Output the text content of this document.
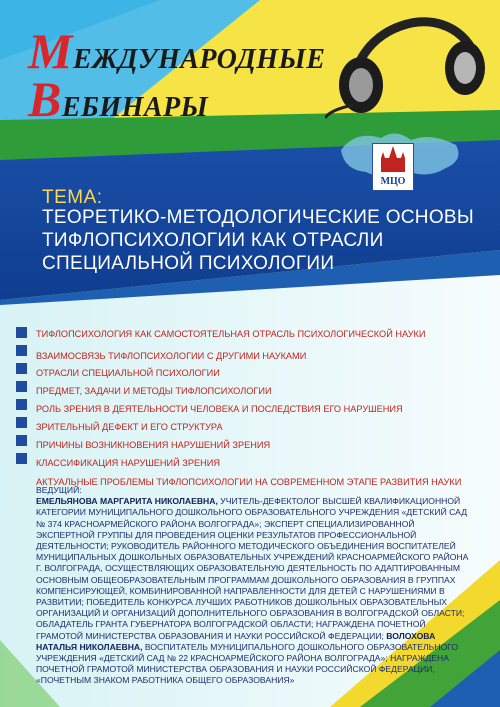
МЕЖДУНАРОДНЫЕ
ВЕБИНАРЫ
МЦО
ТЕМА:
ТЕОРЕТИКО-МЕТОДОЛОГИЧЕСКИЕ ОСНОВЫ ТИФЛОПСИХОЛОГИИ КАК ОТРАСЛИ СПЕЦИАЛЬНОЙ ПСИХОЛОГИИ
ТИФЛОПСИХОЛОГИЯ КАК САМОСТОЯТЕЛЬНАЯ ОТРАСЛЬ ПСИХОЛОГИЧЕСКОЙ НАУКИ
ВЗАИМОСВЯЗЬ ТИФЛОПСИХОЛОГИИ С ДРУГИМИ НАУКАМИ
ОТРАСЛИ СПЕЦИАЛЬНОЙ ПСИХОЛОГИИ
ПРЕДМЕТ, ЗАДАЧИ И МЕТОДЫ ТИФЛОПСИХОЛОГИИ
РОЛЬ ЗРЕНИЯ В ДЕЯТЕЛЬНОСТИ ЧЕЛОВЕКА И ПОСЛЕДСТВИЯ ЕГО НАРУШЕНИЯ
ЗРИТЕЛЬНЫЙ ДЕФЕКТ И ЕГО СТРУКТУРА
ПРИЧИНЫ ВОЗНИКНОВЕНИЯ НАРУШЕНИЙ ЗРЕНИЯ
КЛАССИФИКАЦИЯ НАРУШЕНИЙ ЗРЕНИЯ
АКТУАЛЬНЫЕ ПРОБЛЕМЫ ТИФЛОПСИХОЛОГИИ НА СОВРЕМЕННОМ ЭТАПЕ РАЗВИТИЯ НАУКИ
ВЕДУЩИЙ:
ЕМЕЛЬЯНОВА МАРГАРИТА НИКОЛАЕВНА, УЧИТЕЛЬ-ДЕФЕКТОЛОГ ВЫСШЕЙ КВАЛИФИКАЦИОННОЙ КАТЕГОРИИ МУНИЦИПАЛЬНОГО ДОШКОЛЬНОГО ОБРАЗОВАТЕЛЬНОГО УЧРЕЖДЕНИЯ «ДЕТСКИЙ САД № 374 КРАСНОАРМЕЙСКОГО РАЙОНА ВОЛГОГРАДА»; ЭКСПЕРТ СПЕЦИАЛИЗИРОВАННОЙ ЭКСПЕРТНОЙ ГРУППЫ ДЛЯ ПРОВЕДЕНИЯ ОЦЕНКИ РЕЗУЛЬТАТОВ ПРОФЕССИОНАЛЬНОЙ ДЕЯТЕЛЬНОСТИ; РУКОВОДИТЕЛЬ РАЙОННОГО МЕТОДИЧЕСКОГО ОБЪЕДИНЕНИЯ ВОСПИТАТЕЛЕЙ МУНИЦИПАЛЬНЫХ ДОШКОЛЬНЫХ ОБРАЗОВАТЕЛЬНЫХ УЧРЕЖДЕНИЙ КРАСНОАРМЕЙСКОГО РАЙОНА Г. ВОЛГОГРАДА, ОСУЩЕСТВЛЯЮЩИХ ОБРАЗОВАТЕЛЬНУЮ ДЕЯТЕЛЬНОСТЬ ПО АДАПТИРОВАННЫМ ОСНОВНЫМ ОБЩЕОБРАЗОВАТЕЛЬНЫМ ПРОГРАММАМ ДОШКОЛЬНОГО ОБРАЗОВАНИЯ В ГРУППАХ КОМПЕНСИРУЮЩЕЙ, КОМБИНИРОВАННОЙ НАПРАВЛЕННОСТИ ДЛЯ ДЕТЕЙ С НАРУШЕНИЯМИ В РАЗВИТИИ; ПОБЕДИТЕЛЬ КОНКУРСА ЛУЧШИХ РАБОТНИКОВ ДОШКОЛЬНЫХ ОБРАЗОВАТЕЛЬНЫХ ОРГАНИЗАЦИЙ И ОРГАНИЗАЦИЙ ДОПОЛНИТЕЛЬНОГО ОБРАЗОВАНИЯ В ВОЛГОГРАДСКОЙ ОБЛАСТИ; ОБЛАДАТЕЛЬ ГРАНТА ГУБЕРНАТОРА ВОЛГОГРАДСКОЙ ОБЛАСТИ; НАГРАЖДЕНА ПОЧЕТНОЙ ГРАМОТОЙ МИНИСТЕРСТВА ОБРАЗОВАНИЯ И НАУКИ РОССИЙСКОЙ ФЕДЕРАЦИИ; ВОЛОХОВА НАТАЛЬЯ НИКОЛАЕВНА, ВОСПИТАТЕЛЬ МУНИЦИПАЛЬНОГО ДОШКОЛЬНОГО ОБРАЗОВАТЕЛЬНОГО УЧРЕЖДЕНИЯ «ДЕТСКИЙ САД № 22 КРАСНОАРМЕЙСКОГО РАЙОНА ВОЛГОГРАДА»; НАГРАЖДЕНА ПОЧЕТНОЙ ГРАМОТОЙ МИНИСТЕРСТВА ОБРАЗОВАНИЯ И НАУКИ РОССИЙСКОЙ ФЕДЕРАЦИИ, «ПОЧЕТНЫМ ЗНАКОМ РАБОТНИКА ОБЩЕГО ОБРАЗОВАНИЯ»
